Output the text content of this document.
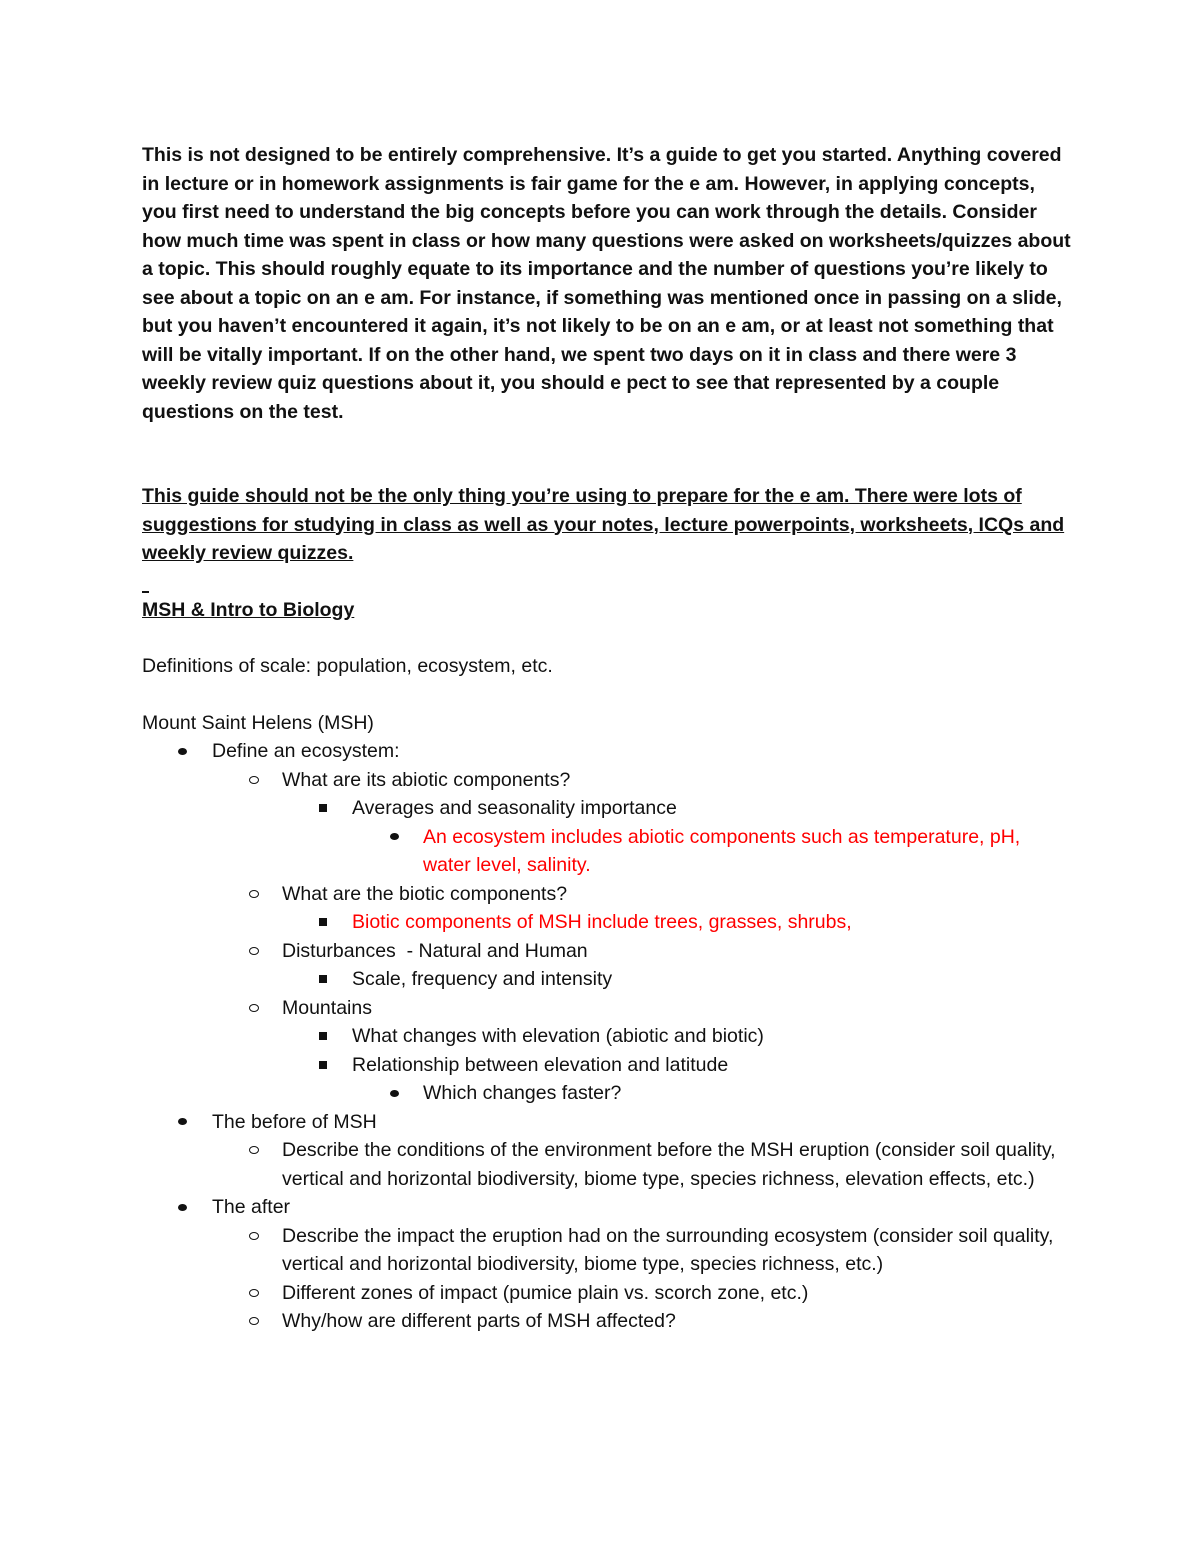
This is not designed to be entirely comprehensive. It’s a guide to get you started. Anything covered in lecture or in homework assignments is fair game for the e am. However, in applying concepts, you first need to understand the big concepts before you can work through the details. Consider how much time was spent in class or how many questions were asked on worksheets/quizzes about a topic. This should roughly equate to its importance and the number of questions you’re likely to see about a topic on an e am. For instance, if something was mentioned once in passing on a slide, but you haven’t encountered it again, it’s not likely to be on an e am, or at least not something that will be vitally important. If on the other hand, we spent two days on it in class and there were 3 weekly review quiz questions about it, you should e pect to see that represented by a couple questions on the test.

This guide should not be the only thing you’re using to prepare for the e am. There were lots of suggestions for studying in class as well as your notes, lecture powerpoints, worksheets, ICQs and weekly review quizzes.

MSH & Intro to Biology

Definitions of scale: population, ecosystem, etc.

Mount Saint Helens (MSH)

Define an ecosystem:
What are its abiotic components?
Averages and seasonality importance
An ecosystem includes abiotic components such as temperature, pH, water level, salinity.
What are the biotic components?
Biotic components of MSH include trees, grasses, shrubs,
Disturbances  - Natural and Human
Scale, frequency and intensity
Mountains
What changes with elevation (abiotic and biotic)
Relationship between elevation and latitude
Which changes faster?
The before of MSH
Describe the conditions of the environment before the MSH eruption (consider soil quality, vertical and horizontal biodiversity, biome type, species richness, elevation effects, etc.)
The after
Describe the impact the eruption had on the surrounding ecosystem (consider soil quality, vertical and horizontal biodiversity, biome type, species richness, etc.)
Different zones of impact (pumice plain vs. scorch zone, etc.)
Why/how are different parts of MSH affected?
